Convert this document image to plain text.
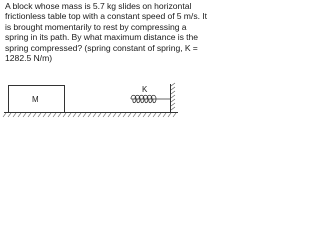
A block whose mass is 5.7 kg slides on horizontal
frictionless table top with a constant speed of 5 m/s. It
is brought momentarily to rest by compressing a
spring in its path. By what maximum distance is the
spring compressed? (spring constant of spring, K =
1282.5 N/m)
M
K
